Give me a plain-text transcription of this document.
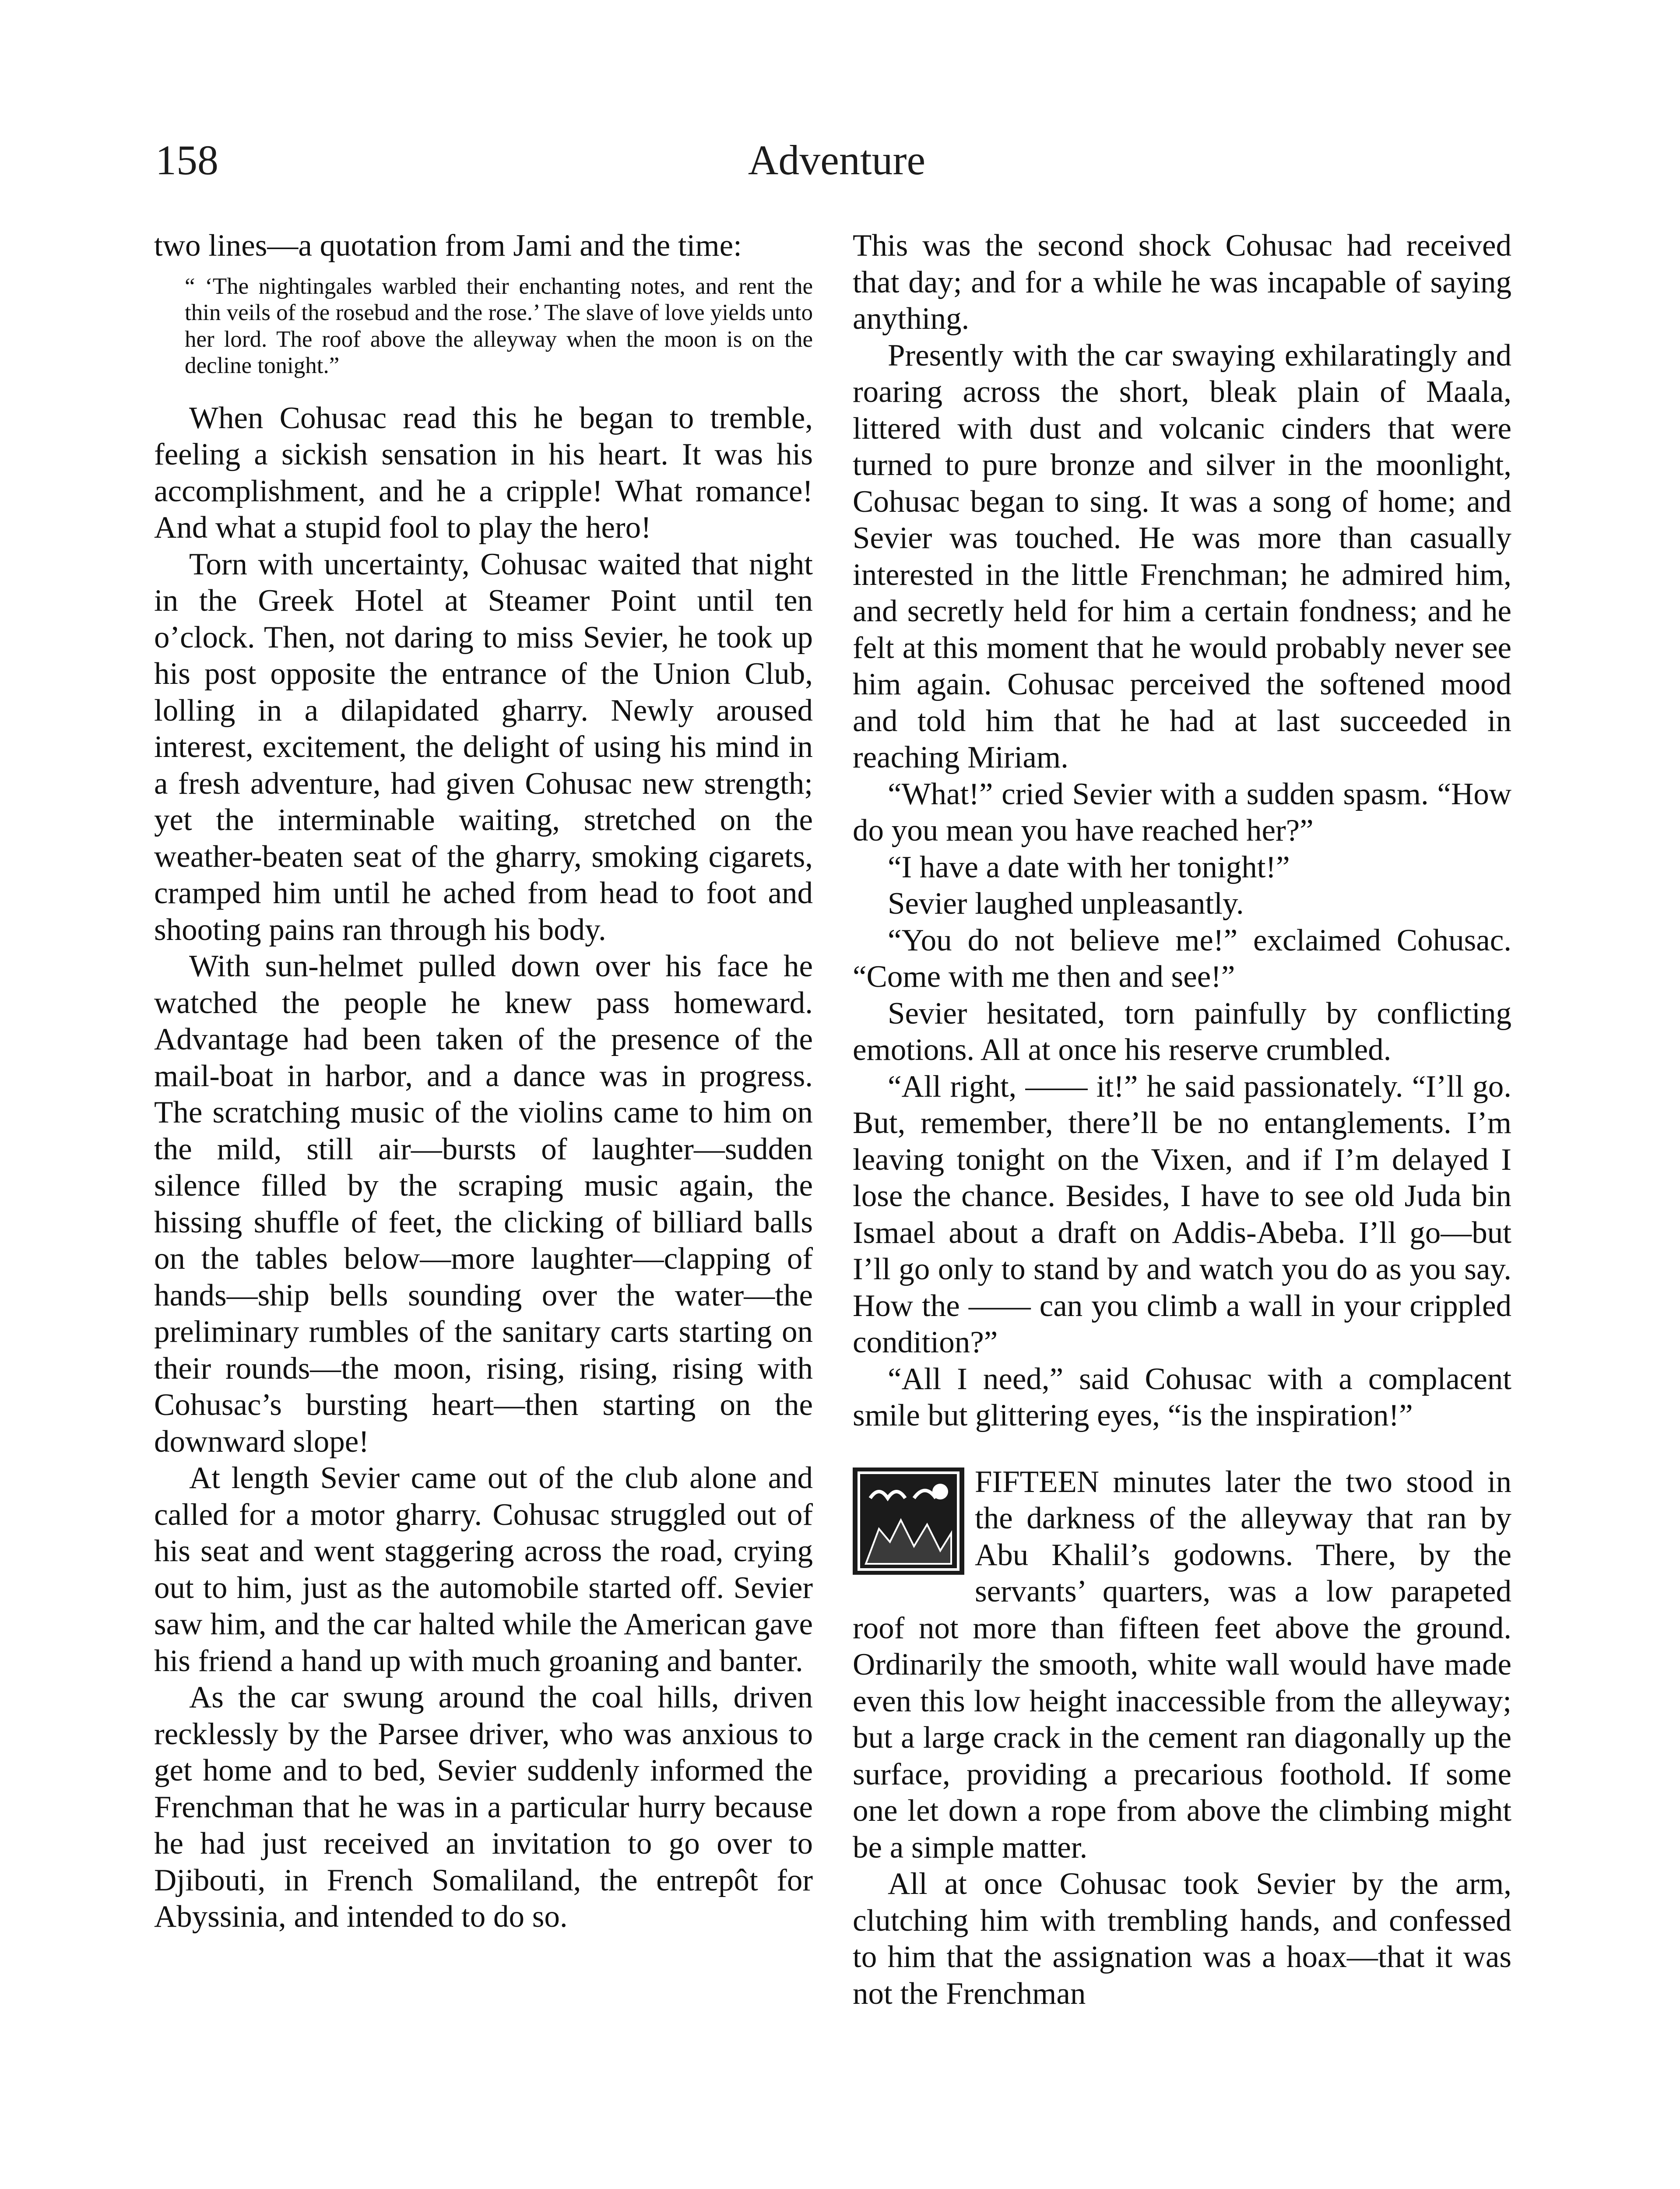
158	Adventure

two lines—a quotation from Jami and the time:

“ ‘The nightingales warbled their enchanting notes, and rent the thin veils of the rosebud and the rose.’ The slave of love yields unto her lord. The roof above the alleyway when the moon is on the decline tonight.”

When Cohusac read this he began to tremble, feeling a sickish sensation in his heart. It was his accomplishment, and he a cripple! What romance! And what a stupid fool to play the hero!

Torn with uncertainty, Cohusac waited that night in the Greek Hotel at Steamer Point until ten o’clock. Then, not daring to miss Sevier, he took up his post opposite the entrance of the Union Club, lolling in a dilapidated gharry. Newly aroused interest, excitement, the delight of using his mind in a fresh adventure, had given Cohusac new strength; yet the interminable waiting, stretched on the weather-beaten seat of the gharry, smoking cigarets, cramped him until he ached from head to foot and shooting pains ran through his body.

With sun-helmet pulled down over his face he watched the people he knew pass homeward. Advantage had been taken of the presence of the mail-boat in harbor, and a dance was in progress. The scratching music of the violins came to him on the mild, still air—bursts of laughter—sudden silence filled by the scraping music again, the hissing shuffle of feet, the clicking of billiard balls on the tables below—more laughter—clapping of hands—ship bells sounding over the water—the preliminary rumbles of the sanitary carts starting on their rounds—the moon, rising, rising, rising with Cohusac’s bursting heart—then starting on the downward slope!

At length Sevier came out of the club alone and called for a motor gharry. Cohusac struggled out of his seat and went staggering across the road, crying out to him, just as the automobile started off. Sevier saw him, and the car halted while the American gave his friend a hand up with much groaning and banter.

As the car swung around the coal hills, driven recklessly by the Parsee driver, who was anxious to get home and to bed, Sevier suddenly informed the Frenchman that he was in a particular hurry because he had just received an invitation to go over to Djibouti, in French Somaliland, the entrepôt for Abyssinia, and intended to do so.

This was the second shock Cohusac had received that day; and for a while he was incapable of saying anything.

Presently with the car swaying exhilaratingly and roaring across the short, bleak plain of Maala, littered with dust and volcanic cinders that were turned to pure bronze and silver in the moonlight, Cohusac began to sing. It was a song of home; and Sevier was touched. He was more than casually interested in the little Frenchman; he admired him, and secretly held for him a certain fondness; and he felt at this moment that he would probably never see him again. Cohusac perceived the softened mood and told him that he had at last succeeded in reaching Miriam.

“What!” cried Sevier with a sudden spasm. “How do you mean you have reached her?”

“I have a date with her tonight!”

Sevier laughed unpleasantly.

“You do not believe me!” exclaimed Cohusac. “Come with me then and see!”

Sevier hesitated, torn painfully by conflicting emotions. All at once his reserve crumbled.

“All right, —— it!” he said passionately. “I’ll go. But, remember, there’ll be no entanglements. I’m leaving tonight on the Vixen, and if I’m delayed I lose the chance. Besides, I have to see old Juda bin Ismael about a draft on Addis-Abeba. I’ll go—but I’ll go only to stand by and watch you do as you say. How the —— can you climb a wall in your crippled condition?”

“All I need,” said Cohusac with a complacent smile but glittering eyes, “is the inspiration!”

FIFTEEN minutes later the two stood in the darkness of the alleyway that ran by Abu Khalil’s godowns. There, by the servants’ quarters, was a low parapeted roof not more than fifteen feet above the ground. Ordinarily the smooth, white wall would have made even this low height inaccessible from the alleyway; but a large crack in the cement ran diagonally up the surface, providing a precarious foothold. If some one let down a rope from above the climbing might be a simple matter.

All at once Cohusac took Sevier by the arm, clutching him with trembling hands, and confessed to him that the assignation was a hoax—that it was not the Frenchman
